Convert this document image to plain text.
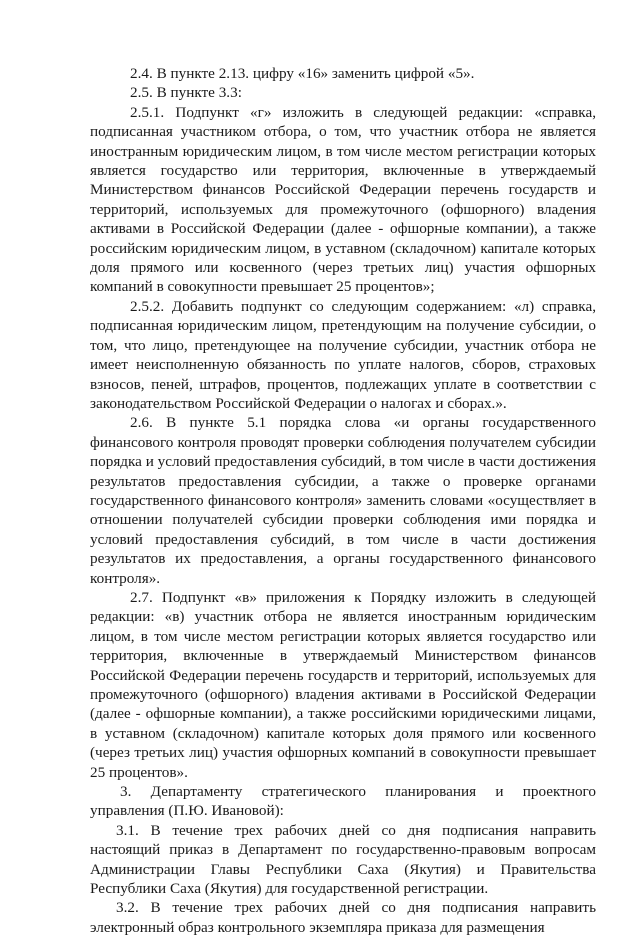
2.4. В пункте 2.13. цифру «16» заменить цифрой «5».

2.5. В пункте 3.3:

2.5.1. Подпункт «г» изложить в следующей редакции: «справка, подписанная участником отбора, о том, что участник отбора не является иностранным юридическим лицом, в том числе местом регистрации которых является государство или территория, включенные в утверждаемый Министерством финансов Российской Федерации перечень государств и территорий, используемых для промежуточного (офшорного) владения активами в Российской Федерации (далее - офшорные компании), а также российским юридическим лицом, в уставном (складочном) капитале которых доля прямого или косвенного (через третьих лиц) участия офшорных компаний в совокупности превышает 25 процентов»;

2.5.2. Добавить подпункт со следующим содержанием: «л) справка, подписанная юридическим лицом, претендующим на получение субсидии, о том, что лицо, претендующее на получение субсидии, участник отбора не имеет неисполненную обязанность по уплате налогов, сборов, страховых взносов, пеней, штрафов, процентов, подлежащих уплате в соответствии с законодательством Российской Федерации о налогах и сборах.».

2.6. В пункте 5.1 порядка слова «и органы государственного финансового контроля проводят проверки соблюдения получателем субсидии порядка и условий предоставления субсидий, в том числе в части достижения результатов предоставления субсидии, а также о проверке органами государственного финансового контроля» заменить словами «осуществляет в отношении получателей субсидии проверки соблюдения ими порядка и условий предоставления субсидий, в том числе в части достижения результатов их предоставления, а органы государственного финансового контроля».

2.7. Подпункт «в» приложения к Порядку изложить в следующей редакции: «в) участник отбора не является иностранным юридическим лицом, в том числе местом регистрации которых является государство или территория, включенные в утверждаемый Министерством финансов Российской Федерации перечень государств и территорий, используемых для промежуточного (офшорного) владения активами в Российской Федерации (далее - офшорные компании), а также российскими юридическими лицами, в уставном (складочном) капитале которых доля прямого или косвенного (через третьих лиц) участия офшорных компаний в совокупности превышает 25 процентов».

3. Департаменту стратегического планирования и проектного управления (П.Ю. Ивановой):

3.1. В течение трех рабочих дней со дня подписания направить настоящий приказ в Департамент по государственно-правовым вопросам Администрации Главы Республики Саха (Якутия) и Правительства Республики Саха (Якутия) для государственной регистрации.

3.2. В течение трех рабочих дней со дня подписания направить электронный образ контрольного экземпляра приказа для размещения
